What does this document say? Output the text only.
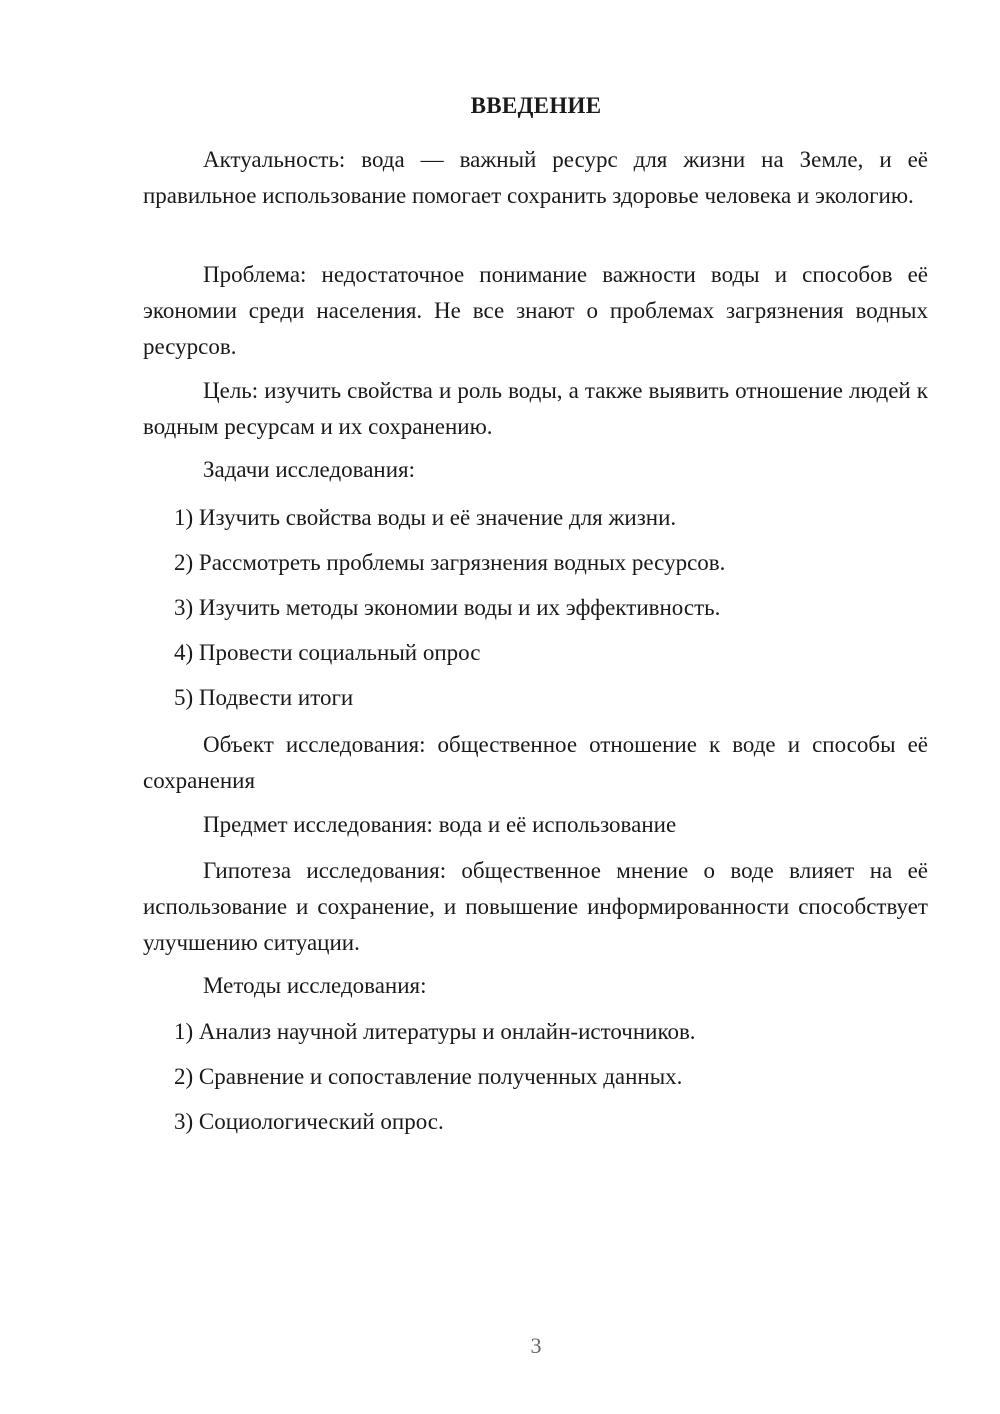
ВВЕДЕНИЕ
Актуальность: вода — важный ресурс для жизни на Земле, и её правильное использование помогает сохранить здоровье человека и экологию.
Проблема: недостаточное понимание важности воды и способов её экономии среди населения. Не все знают о проблемах загрязнения водных ресурсов.
Цель: изучить свойства и роль воды, а также выявить отношение людей к водным ресурсам и их сохранению.
Задачи исследования:
1) Изучить свойства воды и её значение для жизни.
2) Рассмотреть проблемы загрязнения водных ресурсов.
3) Изучить методы экономии воды и их эффективность.
4) Провести социальный опрос
5) Подвести итоги
Объект исследования: общественное отношение к воде и способы её сохранения
Предмет исследования: вода и её использование
Гипотеза исследования: общественное мнение о воде влияет на её использование и сохранение, и повышение информированности способствует улучшению ситуации.
Методы исследования:
1) Анализ научной литературы и онлайн-источников.
2) Сравнение и сопоставление полученных данных.
3) Социологический опрос.
3
